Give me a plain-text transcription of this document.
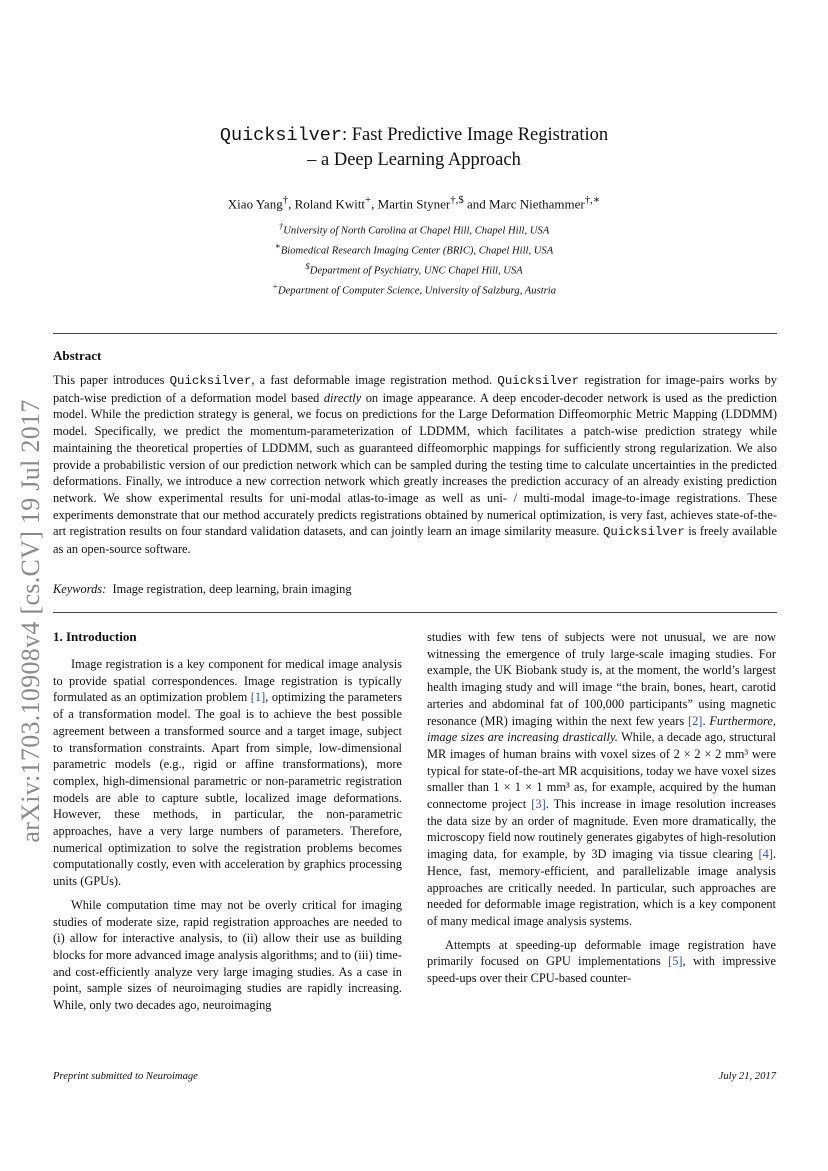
Quicksilver: Fast Predictive Image Registration
– a Deep Learning Approach
Xiao Yang†, Roland Kwitt+, Martin Styner†,$ and Marc Niethammer†,∗
†University of North Carolina at Chapel Hill, Chapel Hill, USA
∗Biomedical Research Imaging Center (BRIC), Chapel Hill, USA
$Department of Psychiatry, UNC Chapel Hill, USA
+Department of Computer Science, University of Salzburg, Austria
Abstract

This paper introduces Quicksilver, a fast deformable image registration method. Quicksilver registration for image-pairs works by patch-wise prediction of a deformation model based directly on image appearance. A deep encoder-decoder network is used as the prediction model. While the prediction strategy is general, we focus on predictions for the Large Deformation Diffeomorphic Metric Mapping (LDDMM) model. Specifically, we predict the momentum-parameterization of LDDMM, which facilitates a patch-wise prediction strategy while maintaining the theoretical properties of LDDMM, such as guaranteed diffeomorphic mappings for sufficiently strong regularization. We also provide a probabilistic version of our prediction network which can be sampled during the testing time to calculate uncertainties in the predicted deformations. Finally, we introduce a new correction network which greatly increases the prediction accuracy of an already existing prediction network. We show experimental results for uni-modal atlas-to-image as well as uni- / multi-modal image-to-image registrations. These experiments demonstrate that our method accurately predicts registrations obtained by numerical optimization, is very fast, achieves state-of-the-art registration results on four standard validation datasets, and can jointly learn an image similarity measure. Quicksilver is freely available as an open-source software.

Keywords: Image registration, deep learning, brain imaging
1. Introduction

Image registration is a key component for medical image analysis to provide spatial correspondences. Image registration is typically formulated as an optimization problem [1], optimizing the parameters of a transformation model. The goal is to achieve the best possible agreement between a transformed source and a target image, subject to transformation constraints. Apart from simple, low-dimensional parametric models (e.g., rigid or affine transformations), more complex, high-dimensional parametric or non-parametric registration models are able to capture subtle, localized image deformations. However, these methods, in particular, the non-parametric approaches, have a very large numbers of parameters. Therefore, numerical optimization to solve the registration problems becomes computationally costly, even with acceleration by graphics processing units (GPUs).

While computation time may not be overly critical for imaging studies of moderate size, rapid registration approaches are needed to (i) allow for interactive analysis, to (ii) allow their use as building blocks for more advanced image analysis algorithms; and to (iii) time- and cost-efficiently analyze very large imaging studies. As a case in point, sample sizes of neuroimaging studies are rapidly increasing. While, only two decades ago, neuroimaging

studies with few tens of subjects were not unusual, we are now witnessing the emergence of truly large-scale imaging studies. For example, the UK Biobank study is, at the moment, the world’s largest health imaging study and will image “the brain, bones, heart, carotid arteries and abdominal fat of 100,000 participants” using magnetic resonance (MR) imaging within the next few years [2]. Furthermore, image sizes are increasing drastically. While, a decade ago, structural MR images of human brains with voxel sizes of 2 × 2 × 2 mm³ were typical for state-of-the-art MR acquisitions, today we have voxel sizes smaller than 1 × 1 × 1 mm³ as, for example, acquired by the human connectome project [3]. This increase in image resolution increases the data size by an order of magnitude. Even more dramatically, the microscopy field now routinely generates gigabytes of high-resolution imaging data, for example, by 3D imaging via tissue clearing [4]. Hence, fast, memory-efficient, and parallelizable image analysis approaches are critically needed. In particular, such approaches are needed for deformable image registration, which is a key component of many medical image analysis systems.

Attempts at speeding-up deformable image registration have primarily focused on GPU implementations [5], with impressive speed-ups over their CPU-based counter-

Preprint submitted to Neuroimage	July 21, 2017
arXiv:1703.10908v4 [cs.CV] 19 Jul 2017
